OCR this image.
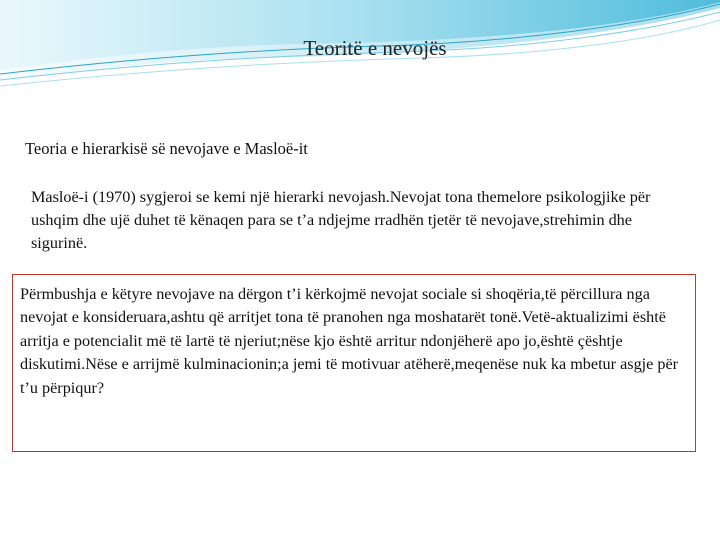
Teoritë e nevojës
Teoria e hierarkisë së nevojave e Masloë-it
Masloë-i (1970) sygjeroi se kemi një hierarki nevojash.Nevojat tona themelore psikologjike për ushqim dhe ujë duhet të kënaqen para se t’a ndjejme rradhën tjetër të nevojave,strehimin dhe sigurinë.
Përmbushja e këtyre nevojave na dërgon t’i kërkojmë nevojat sociale si shoqëria,të përcillura nga nevojat e konsideruara,ashtu që arritjet tona të pranohen nga moshatarët tonë.Vetë-aktualizimi është arritja e potencialit më të lartë të njeriut;nëse kjo është arritur ndonjëherë apo jo,është çështje diskutimi.Nëse e arrijmë kulminacionin;a jemi të motivuar atëherë,meqenëse nuk ka mbetur asgje për t’u përpiqur?
